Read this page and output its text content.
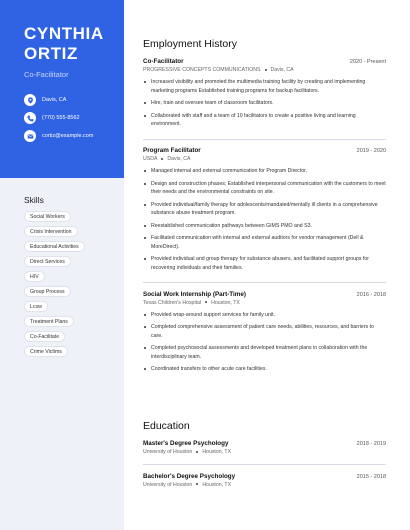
CYNTHIA
ORTIZ
Co-Facilitator
Davis, CA
(770) 555-8562
cortiz@example.com
Skills
Social Workers
Crisis Intervention
Educational Activities
Direct Services
HIV
Group Process
Lcsw
Treatment Plans
Co-Facilitate
Crime Victims
Employment History
Co-Facilitator	2020 - Present
PROGRESSIVE CONCEPTS COMMUNICATIONS Davis, CA
Increased visibility and promoted the multimedia training facility by creating and implementing marketing programs Established training programs for backup facilitators.
Hire, train and oversee team of classroom facilitators.
Collaborated with staff and a team of 10 facilitators to create a positive living and learning environment.
Program Facilitator	2019 - 2020
USDA Davis, CA
Managed internal and external communication for Program Director.
Design and construction phases; Established interpersonal communication with the customers to meet their needs and the environmental constraints on site.
Provided individual/family therapy for adolescents/mandated/mentally ill clients in a comprehensive substance abuse treatment program.
Reestablished communication pathways between GIMS PMO and S3.
Facilitated communication with internal and external auditors for vendor management (Dell & MoreDirect).
Provided individual and group therapy for substance abusers, and facilitated support groups for recovering individuals and their families.
Social Work Internship (Part-Time)	2016 - 2018
Texas Children's Hospital Houston, TX
Provided wrap-around support services for family unit.
Completed comprehensive assessment of patient care needs, abilities, resources, and barriers to care.
Completed psychosocial assessments and developed treatment plans in collaboration with the interdisciplinary team.
Coordinated transfers to other acute care facilities.
Education
Master's Degree Psychology	2018 - 2019
University of Houston Houston, TX
Bachelor's Degree Psychology	2015 - 2018
University of Houston Houston, TX
